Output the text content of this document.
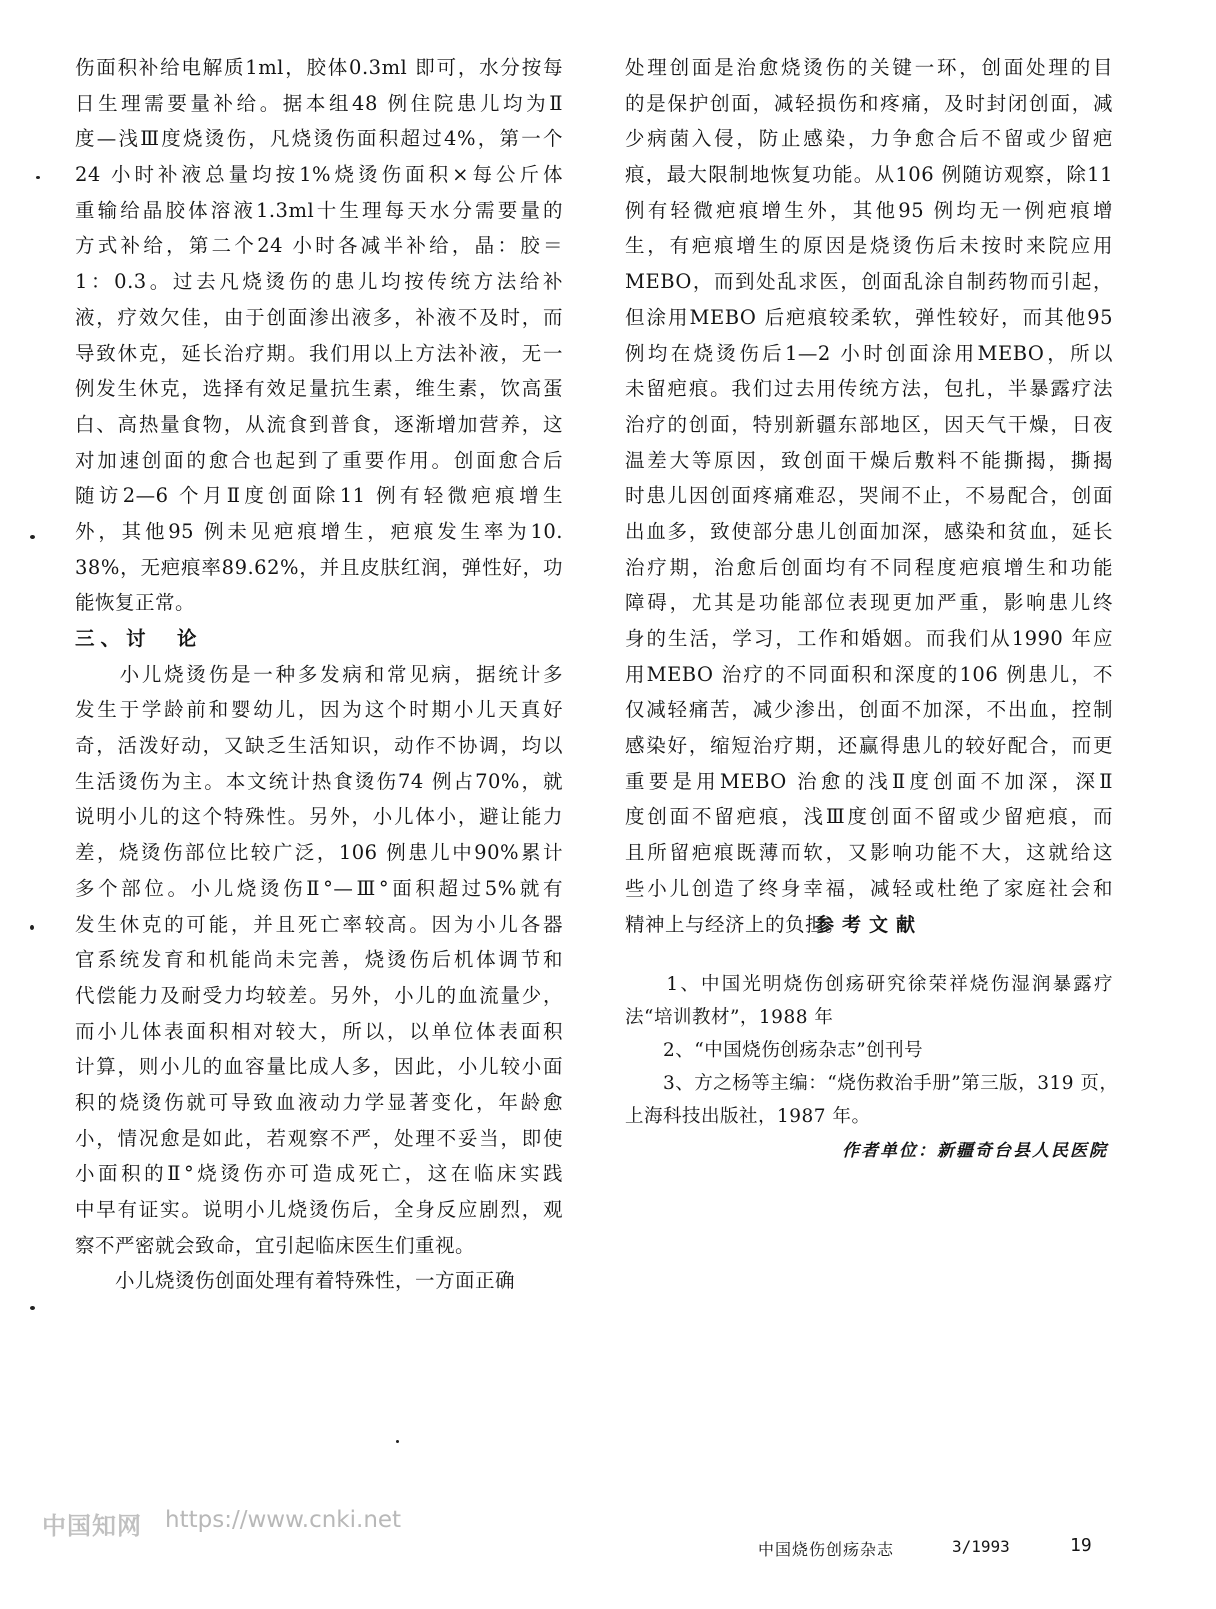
伤面积补给电解质1ml，胶体0.3ml 即可，水分按每
日生理需要量补给。据本组48 例住院患儿均为Ⅱ
度—浅Ⅲ度烧烫伤，凡烧烫伤面积超过4%，第一个
24 小时补液总量均按1%烧烫伤面积×每公斤体
重输给晶胶体溶液1.3ml十生理每天水分需要量的
方式补给，第二个24 小时各减半补给，晶：胶＝
1：0.3。过去凡烧烫伤的患儿均按传统方法给补
液，疗效欠佳，由于创面渗出液多，补液不及时，而
导致休克，延长治疗期。我们用以上方法补液，无一
例发生休克，选择有效足量抗生素，维生素，饮高蛋
白、高热量食物，从流食到普食，逐渐增加营养，这
对加速创面的愈合也起到了重要作用。创面愈合后
随访2—6 个月Ⅱ度创面除11 例有轻微疤痕增生
外，其他95 例未见疤痕增生，疤痕发生率为10.
38%，无疤痕率89.62%，并且皮肤红润，弹性好，功
能恢复正常。
三、讨　论
　　小儿烧烫伤是一种多发病和常见病，据统计多
发生于学龄前和婴幼儿，因为这个时期小儿天真好
奇，活泼好动，又缺乏生活知识，动作不协调，均以
生活烫伤为主。本文统计热食烫伤74 例占70%，就
说明小儿的这个特殊性。另外，小儿体小，避让能力
差，烧烫伤部位比较广泛，106 例患儿中90%累计
多个部位。小儿烧烫伤Ⅱ°—Ⅲ°面积超过5%就有
发生休克的可能，并且死亡率较高。因为小儿各器
官系统发育和机能尚未完善，烧烫伤后机体调节和
代偿能力及耐受力均较差。另外，小儿的血流量少，
而小儿体表面积相对较大，所以，以单位体表面积
计算，则小儿的血容量比成人多，因此，小儿较小面
积的烧烫伤就可导致血液动力学显著变化，年龄愈
小，情况愈是如此，若观察不严，处理不妥当，即使
小面积的Ⅱ°烧烫伤亦可造成死亡，这在临床实践
中早有证实。说明小儿烧烫伤后，全身反应剧烈，观
察不严密就会致命，宜引起临床医生们重视。
　　小儿烧烫伤创面处理有着特殊性，一方面正确
处理创面是治愈烧烫伤的关键一环，创面处理的目
的是保护创面，减轻损伤和疼痛，及时封闭创面，减
少病菌入侵，防止感染，力争愈合后不留或少留疤
痕，最大限制地恢复功能。从106 例随访观察，除11
例有轻微疤痕增生外，其他95 例均无一例疤痕增
生，有疤痕增生的原因是烧烫伤后未按时来院应用
MEBO，而到处乱求医，创面乱涂自制药物而引起，
但涂用MEBO 后疤痕较柔软，弹性较好，而其他95
例均在烧烫伤后1—2 小时创面涂用MEBO，所以
未留疤痕。我们过去用传统方法，包扎，半暴露疗法
治疗的创面，特别新疆东部地区，因天气干燥，日夜
温差大等原因，致创面干燥后敷料不能撕揭，撕揭
时患儿因创面疼痛难忍，哭闹不止，不易配合，创面
出血多，致使部分患儿创面加深，感染和贫血，延长
治疗期，治愈后创面均有不同程度疤痕增生和功能
障碍，尤其是功能部位表现更加严重，影响患儿终
身的生活，学习，工作和婚姻。而我们从1990 年应
用MEBO 治疗的不同面积和深度的106 例患儿，不
仅减轻痛苦，减少渗出，创面不加深，不出血，控制
感染好，缩短治疗期，还赢得患儿的较好配合，而更
重要是用MEBO 治愈的浅Ⅱ度创面不加深，深Ⅱ
度创面不留疤痕，浅Ⅲ度创面不留或少留疤痕，而
且所留疤痕既薄而软，又影响功能不大，这就给这
些小儿创造了终身幸福，减轻或杜绝了家庭社会和
精神上与经济上的负担。
参考文献
　　1、中国光明烧伤创疡研究徐荣祥烧伤湿润暴露疗
法“培训教材”，1988 年
　　2、“中国烧伤创疡杂志”创刊号
　　3、方之杨等主编：“烧伤救治手册”第三版，319 页，
上海科技出版社，1987 年。
作者单位：新疆奇台县人民医院
中国知网 https://www.cnki.net
中国烧伤创疡杂志	3/1993	19
